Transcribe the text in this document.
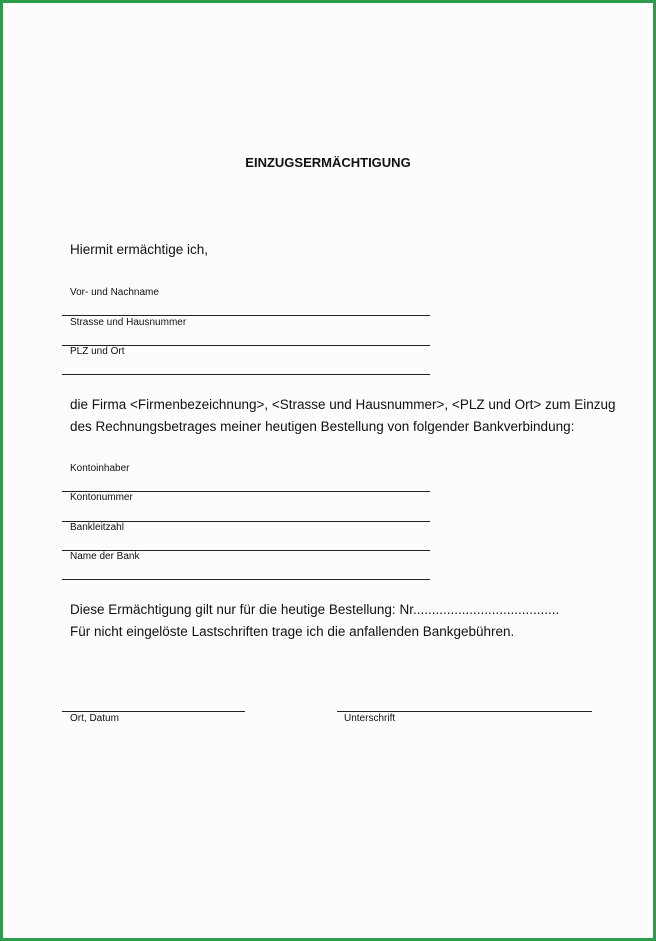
EINZUGSERMÄCHTIGUNG
Hiermit ermächtige ich,
Vor- und Nachname
Strasse und Hausnummer
PLZ und Ort
die Firma <Firmenbezeichnung>, <Strasse und Hausnummer>, <PLZ und Ort> zum Einzug
des Rechnungsbetrages meiner heutigen Bestellung von folgender Bankverbindung:
Kontoinhaber
Kontonummer
Bankleitzahl
Name der Bank
Diese Ermächtigung gilt nur für die heutige Bestellung: Nr.......................................
Für nicht eingelöste Lastschriften trage ich die anfallenden Bankgebühren.
Ort, Datum	Unterschrift
